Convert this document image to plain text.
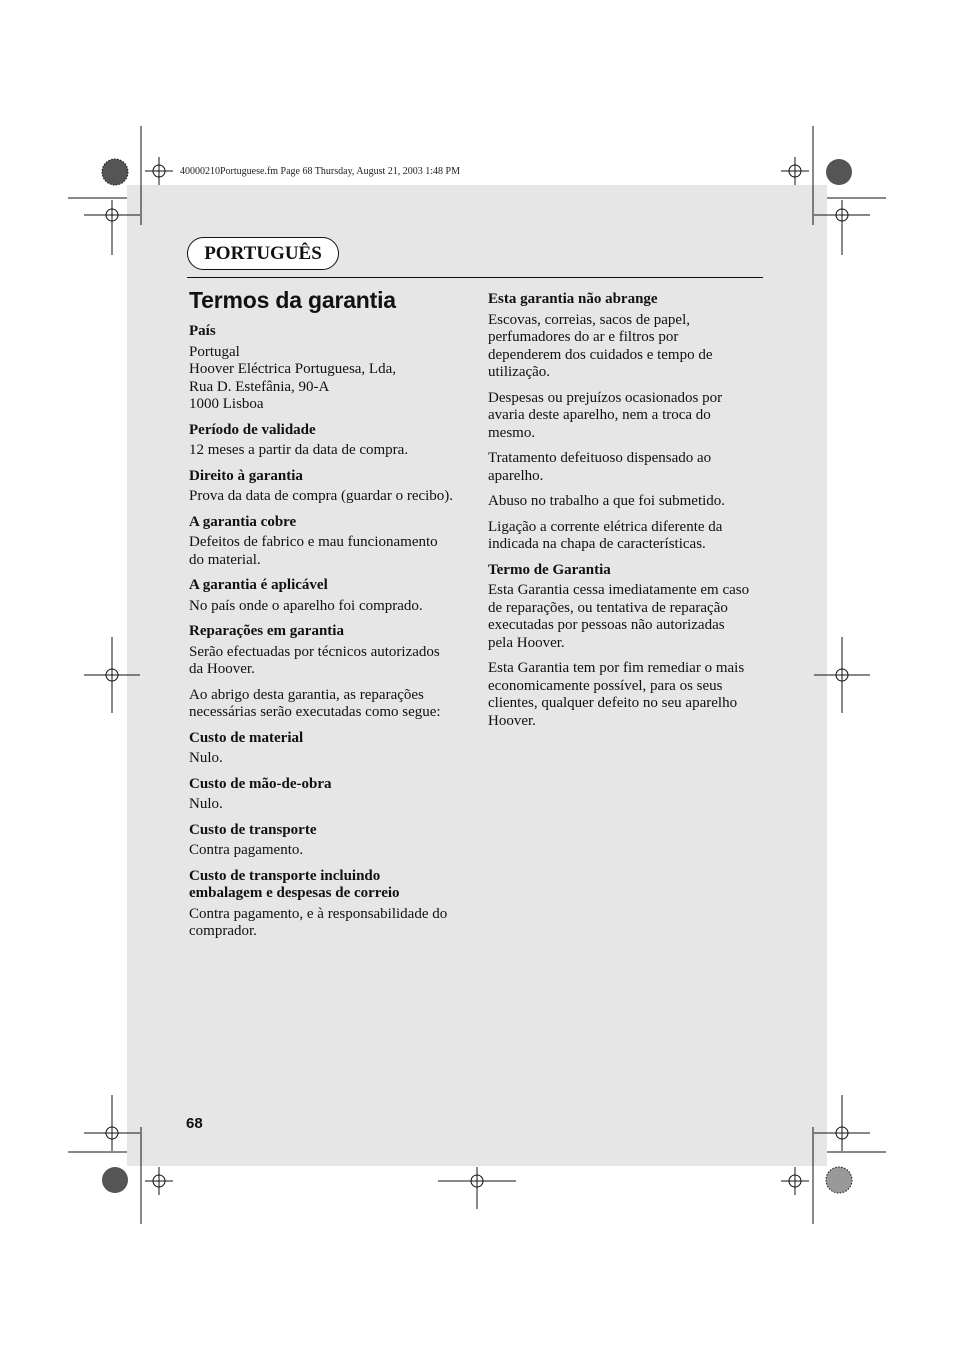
40000210Portuguese.fm Page 68 Thursday, August 21, 2003 1:48 PM
PORTUGUÊS
Termos da garantia
País
Portugal
Hoover Eléctrica Portuguesa, Lda,
Rua D. Estefânia, 90-A
1000 Lisboa
Período de validade
12 meses a partir da data de compra.
Direito à garantia
Prova da data de compra (guardar o recibo).
A garantia cobre
Defeitos de fabrico e mau funcionamento
do material.
A garantia é aplicável
No país onde o aparelho foi comprado.
Reparações em garantia
Serão efectuadas por técnicos autorizados
da Hoover.
Ao abrigo desta garantia, as reparações
necessárias serão executadas como segue:
Custo de material
Nulo.
Custo de mão-de-obra
Nulo.
Custo de transporte
Contra pagamento.
Custo de transporte incluindo
embalagem e despesas de correio
Contra pagamento, e à responsabilidade do
comprador.
Esta garantia não abrange
Escovas, correias, sacos de papel,
perfumadores do ar e filtros por
dependerem dos cuidados e tempo de
utilização.
Despesas ou prejuízos ocasionados por
avaria deste aparelho, nem a troca do
mesmo.
Tratamento defeituoso dispensado ao
aparelho.
Abuso no trabalho a que foi submetido.
Ligação a corrente elétrica diferente da
indicada na chapa de características.
Termo de Garantia
Esta Garantia cessa imediatamente em caso
de reparações, ou tentativa de reparação
executadas por pessoas não autorizadas
pela Hoover.
Esta Garantia tem por fim remediar o mais
economicamente possível, para os seus
clientes, qualquer defeito no seu aparelho
Hoover.
68
